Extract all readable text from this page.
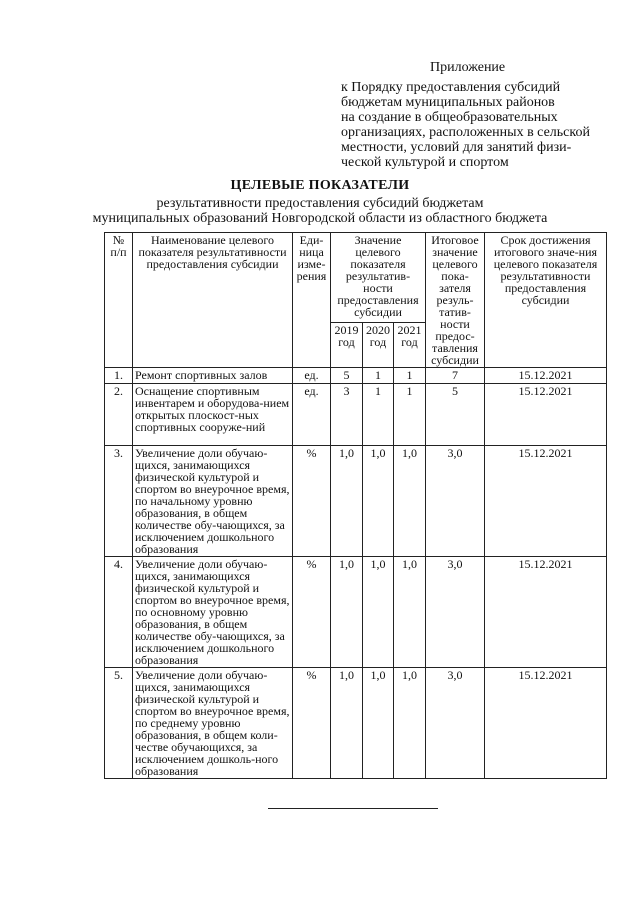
Приложение
к Порядку предоставления субсидий
бюджетам муниципальных районов
на создание в общеобразовательных
организациях, расположенных в сельской
местности, условий для занятий физи-
ческой культурой и спортом
ЦЕЛЕВЫЕ ПОКАЗАТЕЛИ
результативности предоставления субсидий бюджетам
муниципальных образований Новгородской области из областного бюджета
№ п/п	Наименование целевого показателя результативности предоставления субсидии	Еди-ница изме-рения	Значение целевого показателя результатив-ности предоставления субсидии			Итоговое значение целевого пока-зателя резуль-татив-ности предос-тавления субсидии	Срок достижения итогового значе-ния целевого показателя результативности предоставления субсидии
			2019 год	2020 год	2021 год		
1.	Ремонт спортивных залов	ед.	5	1	1	7	15.12.2021
2.	Оснащение спортивным инвентарем и оборудова-нием открытых плоскост-ных спортивных сооруже-ний	ед.	3	1	1	5	15.12.2021
3.	Увеличение доли обучаю-щихся, занимающихся физической культурой и спортом во внеурочное время, по начальному уровню образования, в общем количестве обу-чающихся, за исключением дошкольного образования	%	1,0	1,0	1,0	3,0	15.12.2021
4.	Увеличение доли обучаю-щихся, занимающихся физической культурой и спортом во внеурочное время, по основному уровню образования, в общем количестве обу-чающихся, за исключением дошкольного образования	%	1,0	1,0	1,0	3,0	15.12.2021
5.	Увеличение доли обучаю-щихся, занимающихся физической культурой и спортом во внеурочное время, по среднему уровню образования, в общем коли-честве обучающихся, за исключением дошколь-ного образования	%	1,0	1,0	1,0	3,0	15.12.2021
